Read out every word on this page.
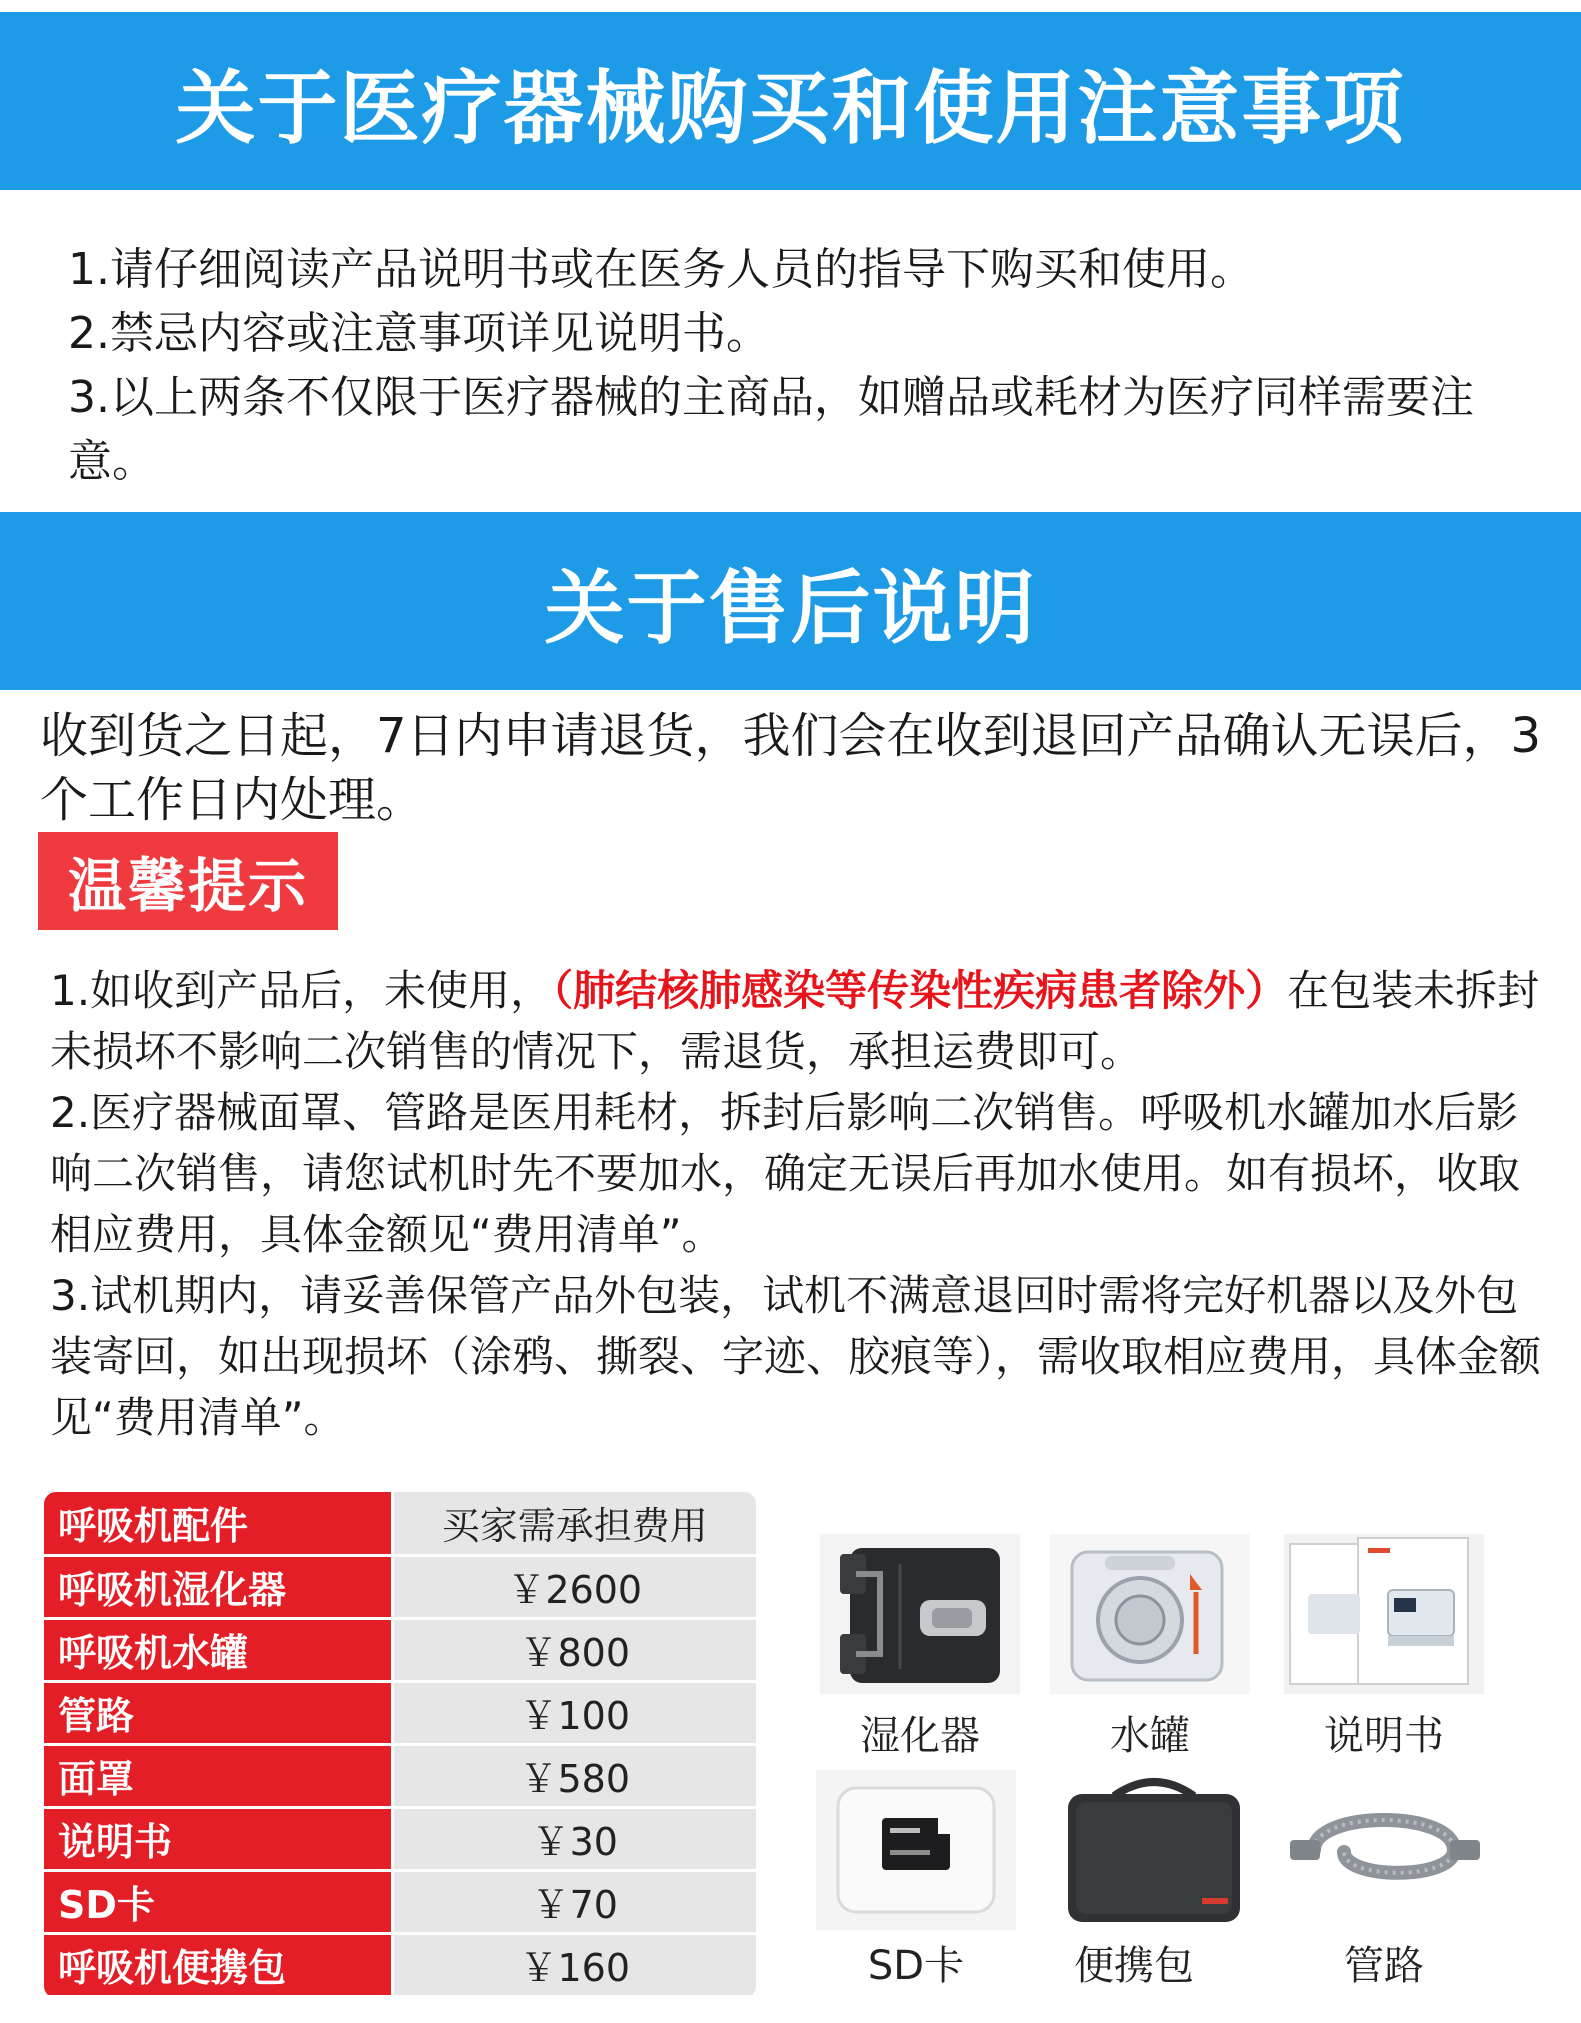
关于医疗器械购买和使用注意事项

1.请仔细阅读产品说明书或在医务人员的指导下购买和使用。

2.禁忌内容或注意事项详见说明书。

3.以上两条不仅限于医疗器械的主商品，如赠品或耗材为医疗同样需要注意。

关于售后说明
收到货之日起，7日内申请退货，我们会在收到退回产品确认无误后，3个工作日内处理。
温馨提示

1.如收到产品后，未使用，（肺结核肺感染等传染性疾病患者除外）在包装未拆封未损坏不影响二次销售的情况下，需退货，承担运费即可。

2.医疗器械面罩、管路是医用耗材，拆封后影响二次销售。呼吸机水罐加水后影响二次销售，请您试机时先不要加水，确定无误后再加水使用。如有损坏，收取相应费用，具体金额见“费用清单”。

3.试机期内，请妥善保管产品外包装，试机不满意退回时需将完好机器以及外包装寄回，如出现损坏（涂鸦、撕裂、字迹、胶痕等），需收取相应费用，具体金额见“费用清单”。

呼吸机配件	买家需承担费用
呼吸机湿化器	￥2600
呼吸机水罐	￥800
管路	￥100
面罩	￥580
说明书	￥30
SD卡	￥70
呼吸机便携包	￥160
湿化器	水罐	说明书
SD卡	便携包	管路
